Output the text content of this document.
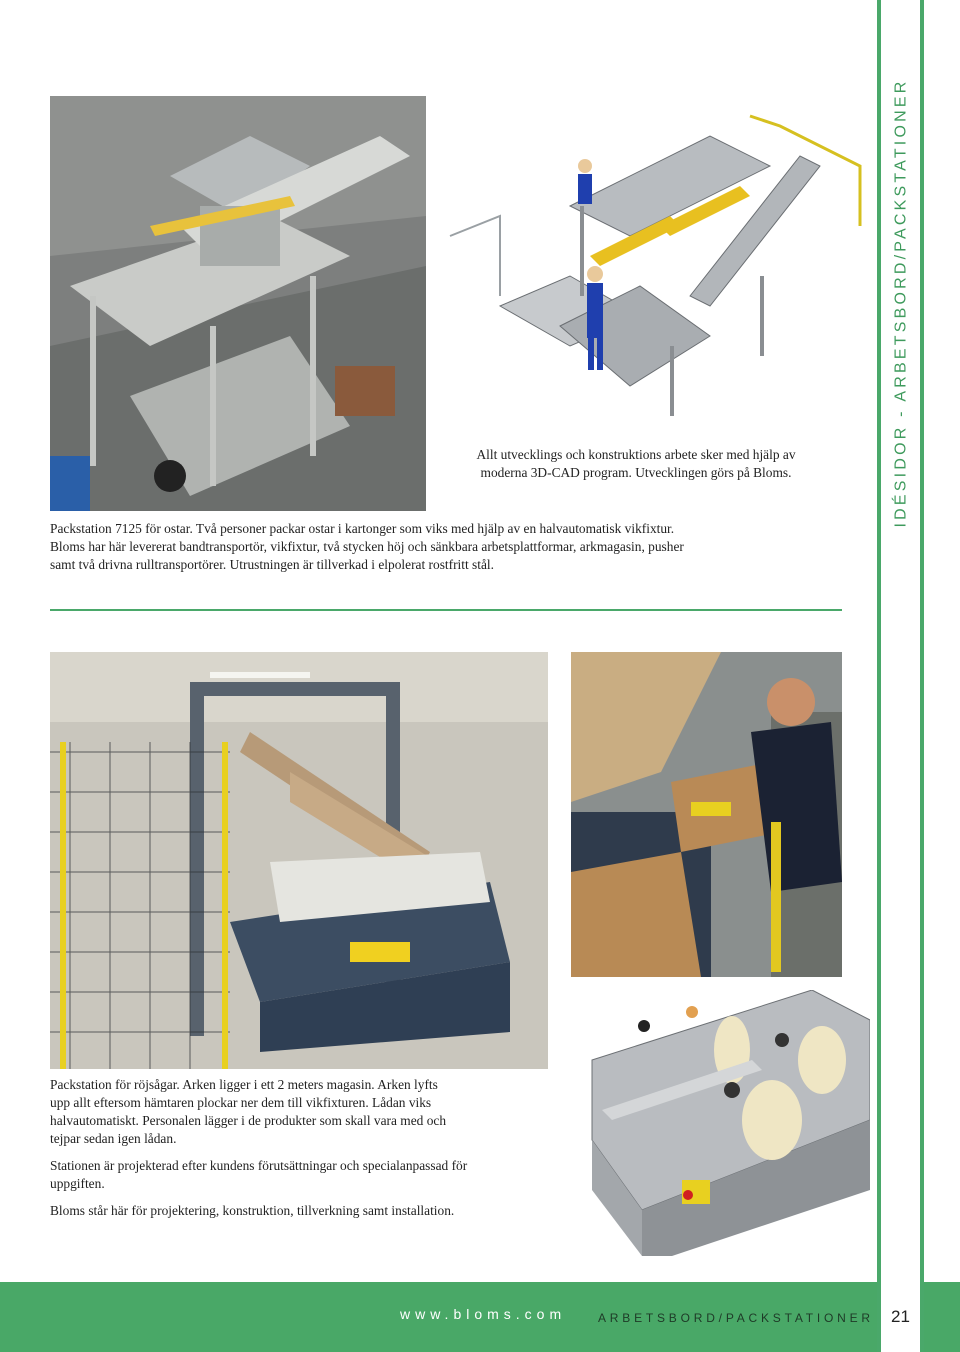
Allt utvecklings och konstruktions arbete sker med hjälp av

moderna 3D-CAD program. Utvecklingen görs på Bloms.

Packstation 7125 för ostar. Två personer packar ostar i kartonger som viks med hjälp av en halvautomatisk vikfixtur.

Bloms har här levererat bandtransportör, vikfixtur, två stycken höj och sänkbara arbetsplattformar, arkmagasin, pusher

samt två drivna rulltransportörer. Utrustningen är tillverkad i elpolerat rostfritt stål.

Packstation för röjsågar. Arken ligger i ett 2 meters magasin. Arken lyfts

upp allt eftersom hämtaren plockar ner dem till vikfixturen. Lådan viks

halvautomatiskt. Personalen lägger i de produkter som skall vara med och

tejpar sedan igen lådan.

Stationen är projekterad efter kundens förutsättningar och specialanpassad för

uppgiften.

Bloms står här för projektering, konstruktion, tillverkning samt installation.

IDÉSIDOR - ARBETSBORD/PACKSTATIONER
www.bloms.com	ARBETSBORD/PACKSTATIONER	21
